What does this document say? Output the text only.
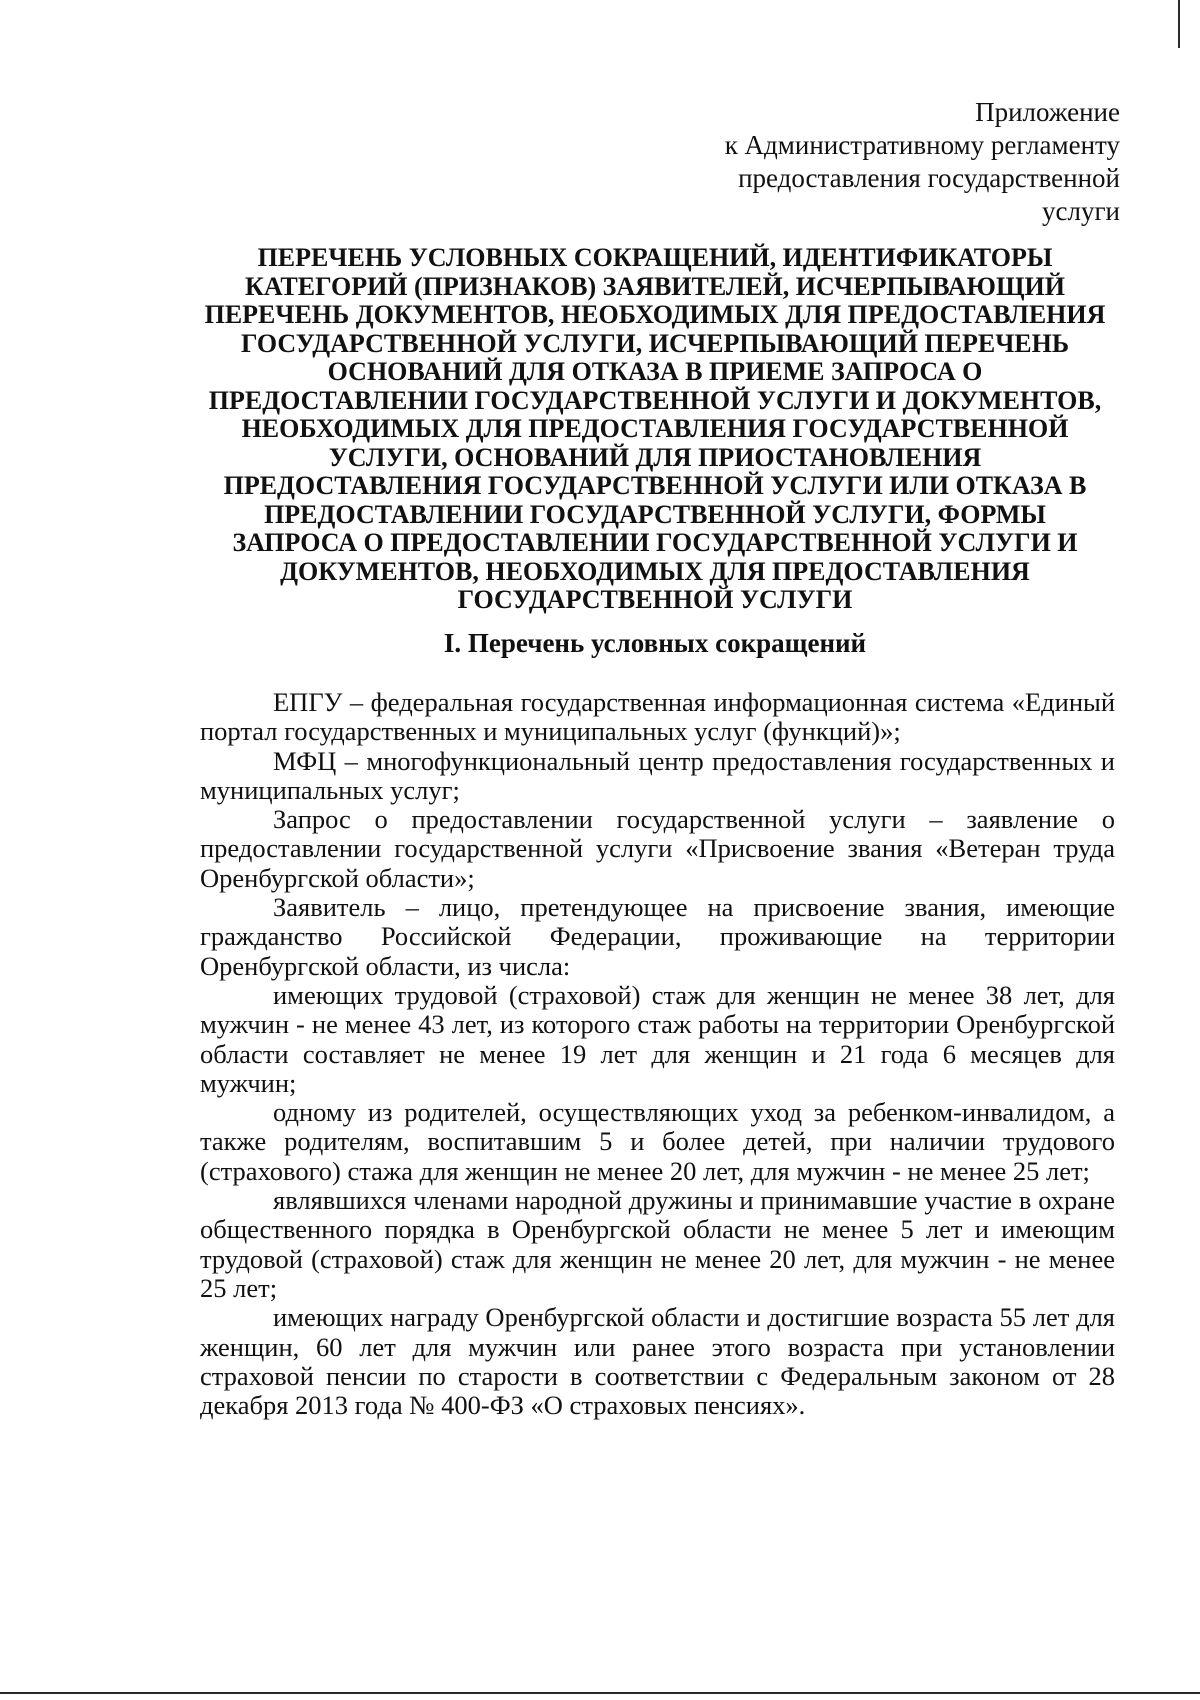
Приложение
к Административному регламенту
предоставления государственной
услуги
ПЕРЕЧЕНЬ УСЛОВНЫХ СОКРАЩЕНИЙ, ИДЕНТИФИКАТОРЫ
КАТЕГОРИЙ (ПРИЗНАКОВ) ЗАЯВИТЕЛЕЙ, ИСЧЕРПЫВАЮЩИЙ
ПЕРЕЧЕНЬ ДОКУМЕНТОВ, НЕОБХОДИМЫХ ДЛЯ ПРЕДОСТАВЛЕНИЯ
ГОСУДАРСТВЕННОЙ УСЛУГИ, ИСЧЕРПЫВАЮЩИЙ ПЕРЕЧЕНЬ
ОСНОВАНИЙ ДЛЯ ОТКАЗА В ПРИЕМЕ ЗАПРОСА О
ПРЕДОСТАВЛЕНИИ ГОСУДАРСТВЕННОЙ УСЛУГИ И ДОКУМЕНТОВ,
НЕОБХОДИМЫХ ДЛЯ ПРЕДОСТАВЛЕНИЯ ГОСУДАРСТВЕННОЙ
УСЛУГИ, ОСНОВАНИЙ ДЛЯ ПРИОСТАНОВЛЕНИЯ
ПРЕДОСТАВЛЕНИЯ ГОСУДАРСТВЕННОЙ УСЛУГИ ИЛИ ОТКАЗА В
ПРЕДОСТАВЛЕНИИ ГОСУДАРСТВЕННОЙ УСЛУГИ, ФОРМЫ
ЗАПРОСА О ПРЕДОСТАВЛЕНИИ ГОСУДАРСТВЕННОЙ УСЛУГИ И
ДОКУМЕНТОВ, НЕОБХОДИМЫХ ДЛЯ ПРЕДОСТАВЛЕНИЯ
ГОСУДАРСТВЕННОЙ УСЛУГИ
I. Перечень условных сокращений

ЕПГУ – федеральная государственная информационная система «Единый портал государственных и муниципальных услуг (функций)»;

МФЦ – многофункциональный центр предоставления государственных и муниципальных услуг;

Запрос о предоставлении государственной услуги – заявление о предоставлении государственной услуги «Присвоение звания «Ветеран труда Оренбургской области»;

Заявитель – лицо, претендующее на присвоение звания, имеющие гражданство Российской Федерации, проживающие на территории Оренбургской области, из числа:

имеющих трудовой (страховой) стаж для женщин не менее 38 лет, для мужчин - не менее 43 лет, из которого стаж работы на территории Оренбургской области составляет не менее 19 лет для женщин и 21 года 6 месяцев для мужчин;

одному из родителей, осуществляющих уход за ребенком-инвалидом, а также родителям, воспитавшим 5 и более детей, при наличии трудового (страхового) стажа для женщин не менее 20 лет, для мужчин - не менее 25 лет;

являвшихся членами народной дружины и принимавшие участие в охране общественного порядка в Оренбургской области не менее 5 лет и имеющим трудовой (страховой) стаж для женщин не менее 20 лет, для мужчин - не менее 25 лет;

имеющих награду Оренбургской области и достигшие возраста 55 лет для женщин, 60 лет для мужчин или ранее этого возраста при установлении страховой пенсии по старости в соответствии с Федеральным законом от 28 декабря 2013 года № 400-ФЗ «О страховых пенсиях».
